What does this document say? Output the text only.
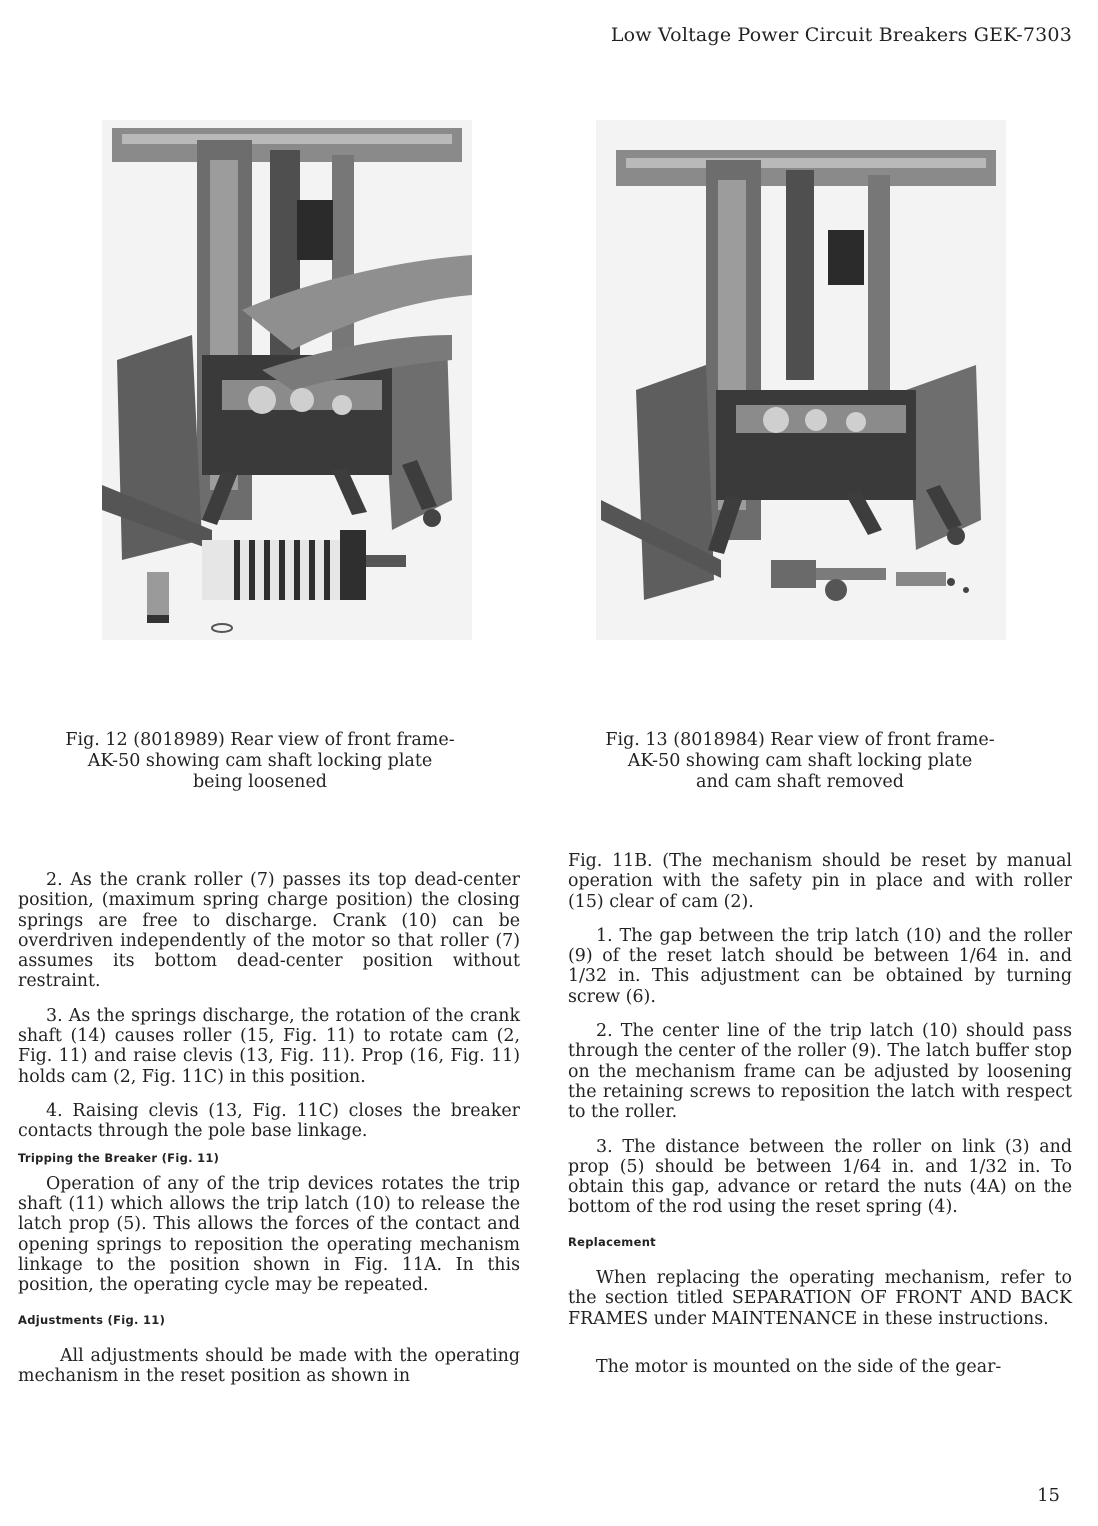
Low Voltage Power Circuit Breakers GEK-7303
Fig. 12 (8018989) Rear view of front frame-
AK-50 showing cam shaft locking plate
being loosened
Fig. 13 (8018984) Rear view of front frame-
AK-50 showing cam shaft locking plate
and cam shaft removed

2. As the crank roller (7) passes its top dead-center position, (maximum spring charge position) the closing springs are free to discharge. Crank (10) can be overdriven independently of the motor so that roller (7) assumes its bottom dead-center position without restraint.

3. As the springs discharge, the rotation of the crank shaft (14) causes roller (15, Fig. 11) to rotate cam (2, Fig. 11) and raise clevis (13, Fig. 11). Prop (16, Fig. 11) holds cam (2, Fig. 11C) in this position.

4. Raising clevis (13, Fig. 11C) closes the breaker contacts through the pole base linkage.

Tripping the Breaker (Fig. 11)

Operation of any of the trip devices rotates the trip shaft (11) which allows the trip latch (10) to release the latch prop (5). This allows the forces of the contact and opening springs to reposition the operating mechanism linkage to the position shown in Fig. 11A. In this position, the operating cycle may be repeated.

Adjustments (Fig. 11)

All adjustments should be made with the operating mechanism in the reset position as shown in

Fig. 11B. (The mechanism should be reset by manual operation with the safety pin in place and with roller (15) clear of cam (2).

1. The gap between the trip latch (10) and the roller (9) of the reset latch should be between 1/64 in. and 1/32 in. This adjustment can be obtained by turning screw (6).

2. The center line of the trip latch (10) should pass through the center of the roller (9). The latch buffer stop on the mechanism frame can be adjusted by loosening the retaining screws to reposition the latch with respect to the roller.

3. The distance between the roller on link (3) and prop (5) should be between 1/64 in. and 1/32 in. To obtain this gap, advance or retard the nuts (4A) on the bottom of the rod using the reset spring (4).

Replacement

When replacing the operating mechanism, refer to the section titled SEPARATION OF FRONT AND BACK FRAMES under MAINTENANCE in these instructions.

The motor is mounted on the side of the gear-

15
